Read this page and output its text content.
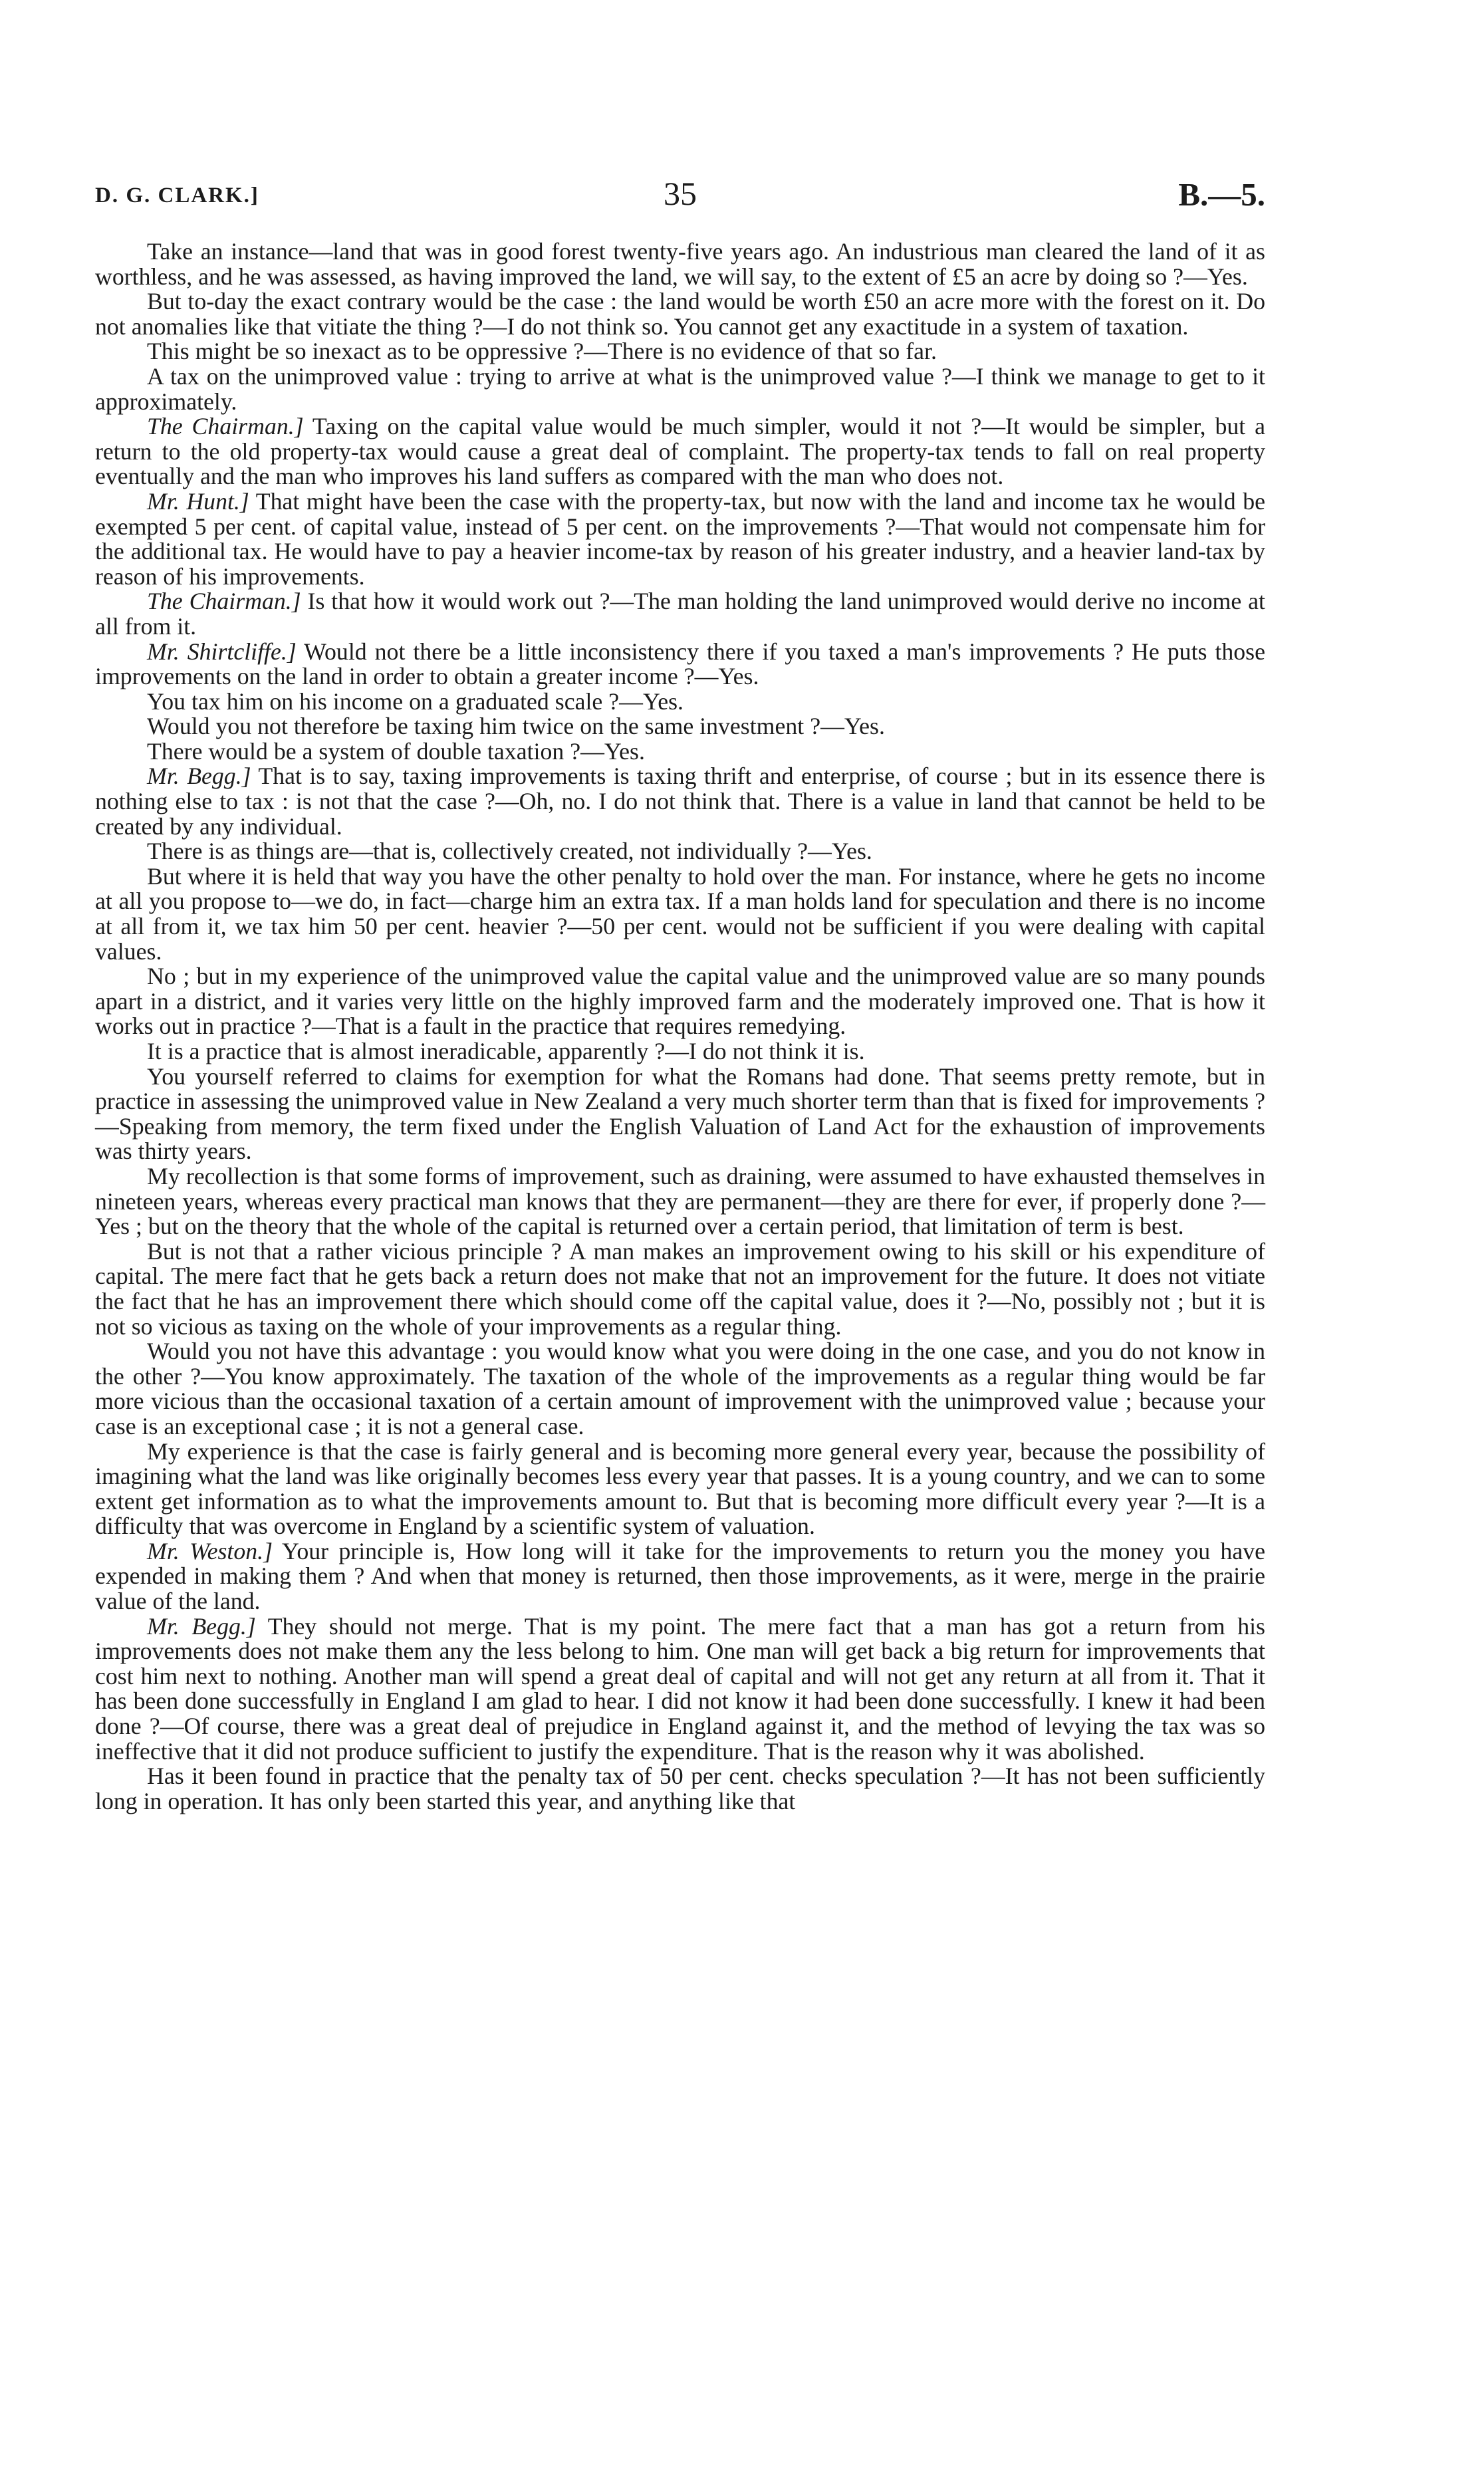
D. G. CLARK.]	35	B.—5.

Take an instance—land that was in good forest twenty-five years ago. An industrious man cleared the land of it as worthless, and he was assessed, as having improved the land, we will say, to the extent of £5 an acre by doing so ?—Yes.

But to-day the exact contrary would be the case : the land would be worth £50 an acre more with the forest on it. Do not anomalies like that vitiate the thing ?—I do not think so. You cannot get any exactitude in a system of taxation.

This might be so inexact as to be oppressive ?—There is no evidence of that so far.

A tax on the unimproved value : trying to arrive at what is the unimproved value ?—I think we manage to get to it approximately.

The Chairman.] Taxing on the capital value would be much simpler, would it not ?—It would be simpler, but a return to the old property-tax would cause a great deal of complaint. The property-tax tends to fall on real property eventually and the man who improves his land suffers as compared with the man who does not.

Mr. Hunt.] That might have been the case with the property-tax, but now with the land and income tax he would be exempted 5 per cent. of capital value, instead of 5 per cent. on the improvements ?—That would not compensate him for the additional tax. He would have to pay a heavier income-tax by reason of his greater industry, and a heavier land-tax by reason of his improvements.

The Chairman.] Is that how it would work out ?—The man holding the land unimproved would derive no income at all from it.

Mr. Shirtcliffe.] Would not there be a little inconsistency there if you taxed a man's improvements ? He puts those improvements on the land in order to obtain a greater income ?—Yes.

You tax him on his income on a graduated scale ?—Yes.

Would you not therefore be taxing him twice on the same investment ?—Yes.

There would be a system of double taxation ?—Yes.

Mr. Begg.] That is to say, taxing improvements is taxing thrift and enterprise, of course ; but in its essence there is nothing else to tax : is not that the case ?—Oh, no. I do not think that. There is a value in land that cannot be held to be created by any individual.

There is as things are—that is, collectively created, not individually ?—Yes.

But where it is held that way you have the other penalty to hold over the man. For instance, where he gets no income at all you propose to—we do, in fact—charge him an extra tax. If a man holds land for speculation and there is no income at all from it, we tax him 50 per cent. heavier ?—50 per cent. would not be sufficient if you were dealing with capital values.

No ; but in my experience of the unimproved value the capital value and the unimproved value are so many pounds apart in a district, and it varies very little on the highly improved farm and the moderately improved one. That is how it works out in practice ?—That is a fault in the practice that requires remedying.

It is a practice that is almost ineradicable, apparently ?—I do not think it is.

You yourself referred to claims for exemption for what the Romans had done. That seems pretty remote, but in practice in assessing the unimproved value in New Zealand a very much shorter term than that is fixed for improvements ?—Speaking from memory, the term fixed under the English Valuation of Land Act for the exhaustion of improvements was thirty years.

My recollection is that some forms of improvement, such as draining, were assumed to have exhausted themselves in nineteen years, whereas every practical man knows that they are permanent—they are there for ever, if properly done ?—Yes ; but on the theory that the whole of the capital is returned over a certain period, that limitation of term is best.

But is not that a rather vicious principle ? A man makes an improvement owing to his skill or his expenditure of capital. The mere fact that he gets back a return does not make that not an improvement for the future. It does not vitiate the fact that he has an improvement there which should come off the capital value, does it ?—No, possibly not ; but it is not so vicious as taxing on the whole of your improvements as a regular thing.

Would you not have this advantage : you would know what you were doing in the one case, and you do not know in the other ?—You know approximately. The taxation of the whole of the improvements as a regular thing would be far more vicious than the occasional taxation of a certain amount of improvement with the unimproved value ; because your case is an exceptional case ; it is not a general case.

My experience is that the case is fairly general and is becoming more general every year, because the possibility of imagining what the land was like originally becomes less every year that passes. It is a young country, and we can to some extent get information as to what the improvements amount to. But that is becoming more difficult every year ?—It is a difficulty that was overcome in England by a scientific system of valuation.

Mr. Weston.] Your principle is, How long will it take for the improvements to return you the money you have expended in making them ? And when that money is returned, then those improvements, as it were, merge in the prairie value of the land.

Mr. Begg.] They should not merge. That is my point. The mere fact that a man has got a return from his improvements does not make them any the less belong to him. One man will get back a big return for improvements that cost him next to nothing. Another man will spend a great deal of capital and will not get any return at all from it. That it has been done successfully in England I am glad to hear. I did not know it had been done successfully. I knew it had been done ?—Of course, there was a great deal of prejudice in England against it, and the method of levying the tax was so ineffective that it did not produce sufficient to justify the expenditure. That is the reason why it was abolished.

Has it been found in practice that the penalty tax of 50 per cent. checks speculation ?—It has not been sufficiently long in operation. It has only been started this year, and anything like that
